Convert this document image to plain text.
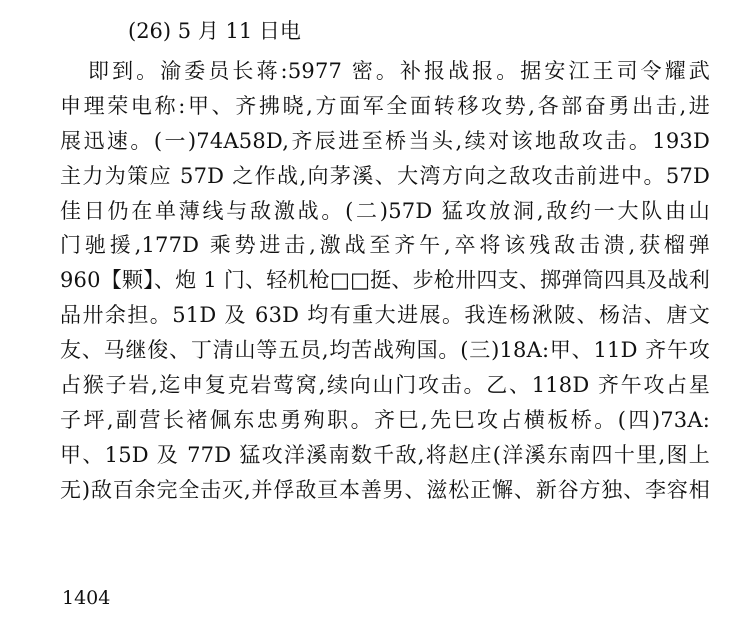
(26) 5 月 11 日电
即到。渝委员长蒋:5977 密。补报战报。据安江王司令耀武
申理荣电称:甲、齐拂晓,方面军全面转移攻势,各部奋勇出击,进
展迅速。(一)74A58D,齐辰进至桥当头,续对该地敌攻击。193D
主力为策应 57D 之作战,向茅溪、大湾方向之敌攻击前进中。57D
佳日仍在单薄线与敌激战。(二)57D 猛攻放洞,敌约一大队由山
门驰援,177D 乘势进击,激战至齐午,卒将该残敌击溃,获榴弹
960【颗】、炮 1 门、轻机枪□□挺、步枪卅四支、掷弹筒四具及战利
品卅余担。51D 及 63D 均有重大进展。我连杨湫陂、杨洁、唐文
友、马继俊、丁清山等五员,均苦战殉国。(三)18A:甲、11D 齐午攻
占猴子岩,迄申复克岩莺窝,续向山门攻击。乙、118D 齐午攻占星
子坪,副营长褚佩东忠勇殉职。齐巳,先巳攻占横板桥。(四)73A:
甲、15D 及 77D 猛攻洋溪南数千敌,将赵庄(洋溪东南四十里,图上
无)敌百余完全击灭,并俘敌亘本善男、滋松正懈、新谷方独、李容相
1404
